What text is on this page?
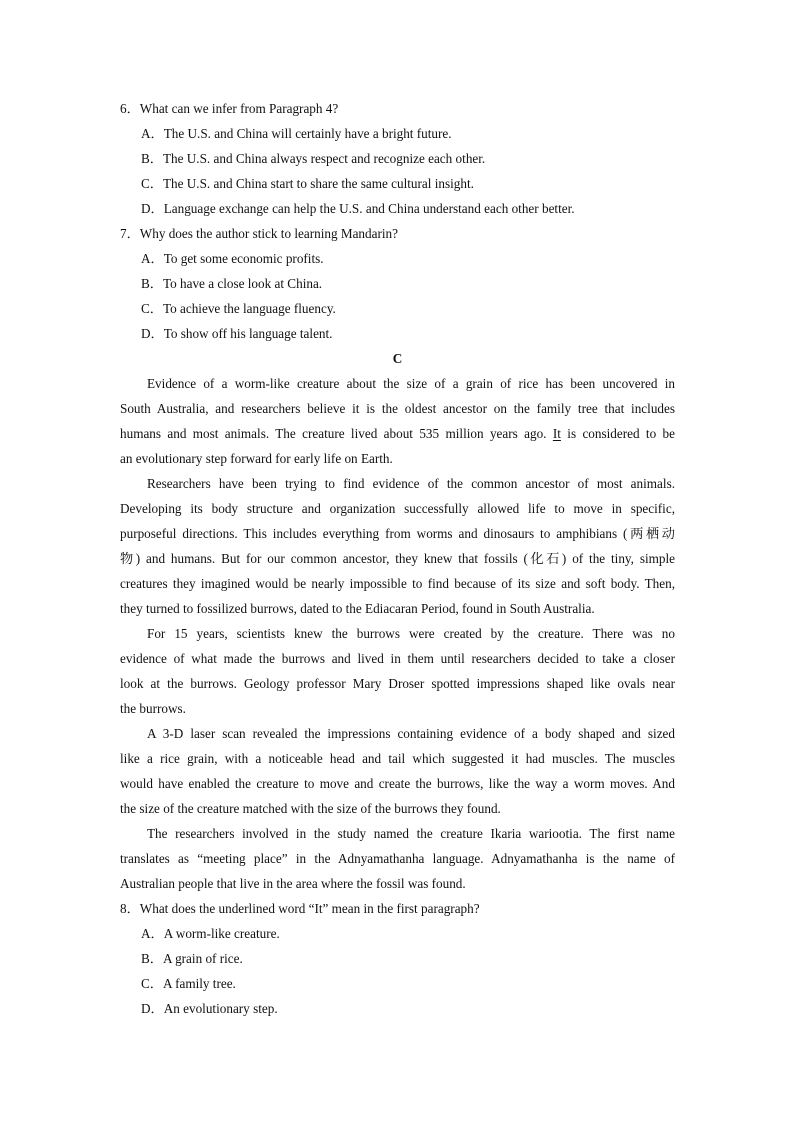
6．What can we infer from Paragraph 4?
A．The U.S. and China will certainly have a bright future.
B．The U.S. and China always respect and recognize each other.
C．The U.S. and China start to share the same cultural insight.
D．Language exchange can help the U.S. and China understand each other better.
7．Why does the author stick to learning Mandarin?
A．To get some economic profits.
B．To have a close look at China.
C．To achieve the language fluency.
D．To show off his language talent.
C
Evidence of a worm-like creature about the size of a grain of rice has been uncovered in
South Australia, and researchers believe it is the oldest ancestor on the family tree that includes
humans and most animals. The creature lived about 535 million years ago. It is considered to be
an evolutionary step forward for early life on Earth.
Researchers have been trying to find evidence of the common ancestor of most animals.
Developing its body structure and organization successfully allowed life to move in specific,
purposeful directions. This includes everything from worms and dinosaurs to amphibians (两栖动
物) and humans. But for our common ancestor, they knew that fossils (化石) of the tiny, simple
creatures they imagined would be nearly impossible to find because of its size and soft body. Then,
they turned to fossilized burrows, dated to the Ediacaran Period, found in South Australia.
For 15 years, scientists knew the burrows were created by the creature. There was no
evidence of what made the burrows and lived in them until researchers decided to take a closer
look at the burrows. Geology professor Mary Droser spotted impressions shaped like ovals near
the burrows.
A 3-D laser scan revealed the impressions containing evidence of a body shaped and sized
like a rice grain, with a noticeable head and tail which suggested it had muscles. The muscles
would have enabled the creature to move and create the burrows, like the way a worm moves. And
the size of the creature matched with the size of the burrows they found.
The researchers involved in the study named the creature Ikaria wariootia. The first name
translates as “meeting place” in the Adnyamathanha language. Adnyamathanha is the name of
Australian people that live in the area where the fossil was found.
8．What does the underlined word “It” mean in the first paragraph?
A．A worm-like creature.
B．A grain of rice.
C．A family tree.
D．An evolutionary step.
